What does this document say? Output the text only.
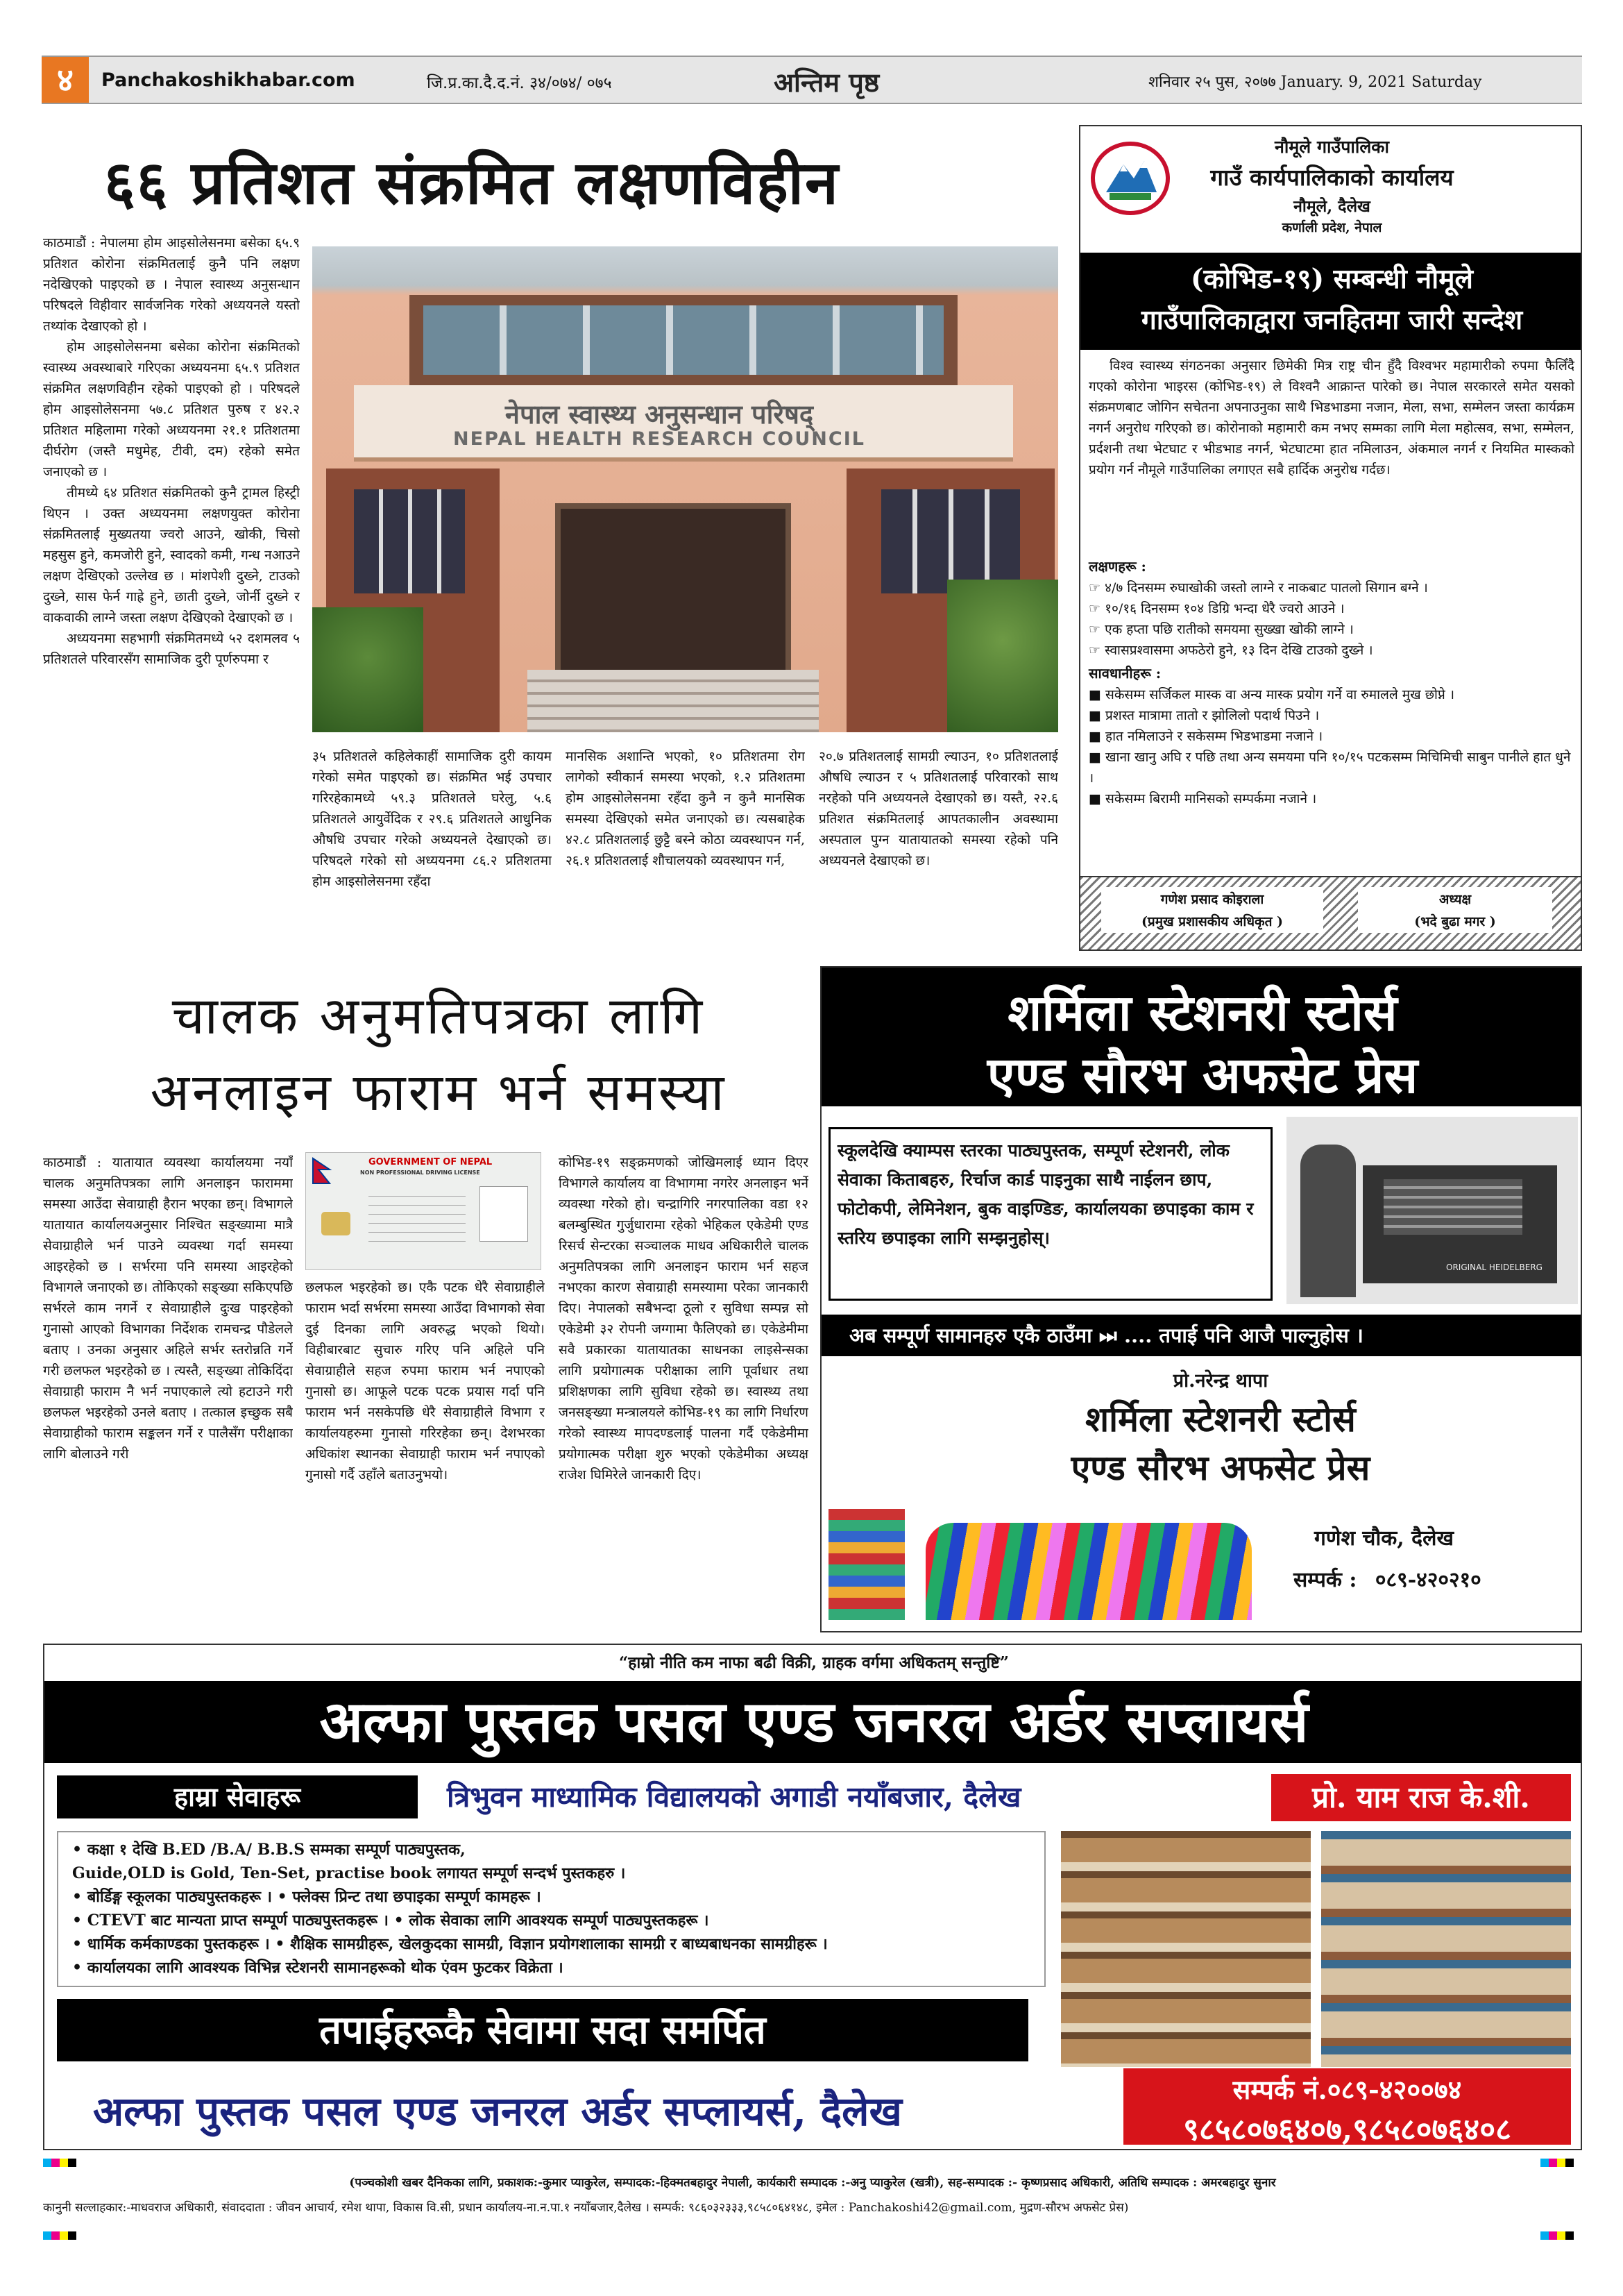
४	Panchakoshikhabar.com	जि.प्र.का.दै.द.नं. ३४/०७४/ ०७५	अन्तिम पृष्ठ	शनिवार २५ पुस, २०७७ January. 9, 2021 Saturday
६६ प्रतिशत संक्रमित लक्षणविहीन

काठमाडौं : नेपालमा होम आइसोलेसनमा बसेका ६५.९ प्रतिशत कोरोना संक्रमितलाई कुनै पनि लक्षण नदेखिएको पाइएको छ । नेपाल स्वास्थ्य अनुसन्धान परिषदले विहीवार सार्वजनिक गरेको अध्ययनले यस्तो तथ्यांक देखाएको हो ।

होम आइसोलेसनमा बसेका कोरोना संक्रमितको स्वास्थ्य अवस्थाबारे गरिएका अध्ययनमा ६५.९ प्रतिशत संक्रमित लक्षणविहीन रहेको पाइएको हो । परिषदले होम आइसोलेसनमा ५७.८ प्रतिशत पुरुष र ४२.२ प्रतिशत महिलामा गरेको अध्ययनमा २१.१ प्रतिशतमा दीर्घरोग (जस्तै मधुमेह, टीवी, दम) रहेको समेत जनाएको छ ।

तीमध्ये ६४ प्रतिशत संक्रमितको कुनै ट्रामल हिस्ट्री थिएन । उक्त अध्ययनमा लक्षणयुक्त कोरोना संक्रमितलाई मुख्यतया ज्वरो आउने, खोकी, चिसो महसुस हुने, कमजोरी हुने, स्वादको कमी, गन्ध नआउने लक्षण देखिएको उल्लेख छ । मांशपेशी दुख्ने, टाउको दुख्ने, सास फेर्न गाह्रे हुने, छाती दुख्ने, जोर्नी दुख्ने र वाकवाकी लाग्ने जस्ता लक्षण देखिएको देखाएको छ ।

अध्ययनमा सहभागी संक्रमितमध्ये ५२ दशमलव ५ प्रतिशतले परिवारसँग सामाजिक दुरी पूर्णरुपमा र

नेपाल स्वास्थ्य अनुसन्धान परिषद्
NEPAL HEALTH RESEARCH COUNCIL

३५ प्रतिशतले कहिलेकाहीं सामाजिक दुरी कायम गरेको समेत पाइएको छ। संक्रमित भई उपचार गरिरहेकामध्ये ५९.३ प्रतिशतले घरेलु, ५.६ प्रतिशतले आयुर्वेदिक र २९.६ प्रतिशतले आधुनिक औषधि उपचार गरेको अध्ययनले देखाएको छ। परिषदले गरेको सो अध्ययनमा ८६.२ प्रतिशतमा होम आइसोलेसनमा रहँदा

मानसिक अशान्ति भएको, १० प्रतिशतमा रोग लागेको स्वीकार्न समस्या भएको, १.२ प्रतिशतमा होम आइसोलेसनमा रहँदा कुनै न कुनै मानसिक समस्या देखिएको समेत जनाएको छ। त्यसबाहेक ४२.८ प्रतिशतलाई छुट्टै बस्ने कोठा व्यवस्थापन गर्न, २६.१ प्रतिशतलाई शौचालयको व्यवस्थापन गर्न,

२०.७ प्रतिशतलाई सामग्री ल्याउन, १० प्रतिशतलाई औषधि ल्याउन र ५ प्रतिशतलाई परिवारको साथ नरहेको पनि अध्ययनले देखाएको छ। यस्तै, २२.६ प्रतिशत संक्रमितलाई आपतकालीन अवस्थामा अस्पताल पुग्न यातायातको समस्या रहेको पनि अध्ययनले देखाएको छ।

नौमूले गाउँपालिका
गाउँ कार्यपालिकाको कार्यालय
नौमूले, दैलेख
कर्णाली प्रदेश, नेपाल
(कोभिड-१९) सम्बन्धी नौमूले
गाउँपालिकाद्वारा जनहितमा जारी सन्देश
विश्व स्वास्थ्य संगठनका अनुसार छिमेकी मित्र राष्ट्र चीन हुँदै विश्वभर महामारीको रुपमा फैलिँदै गएको कोरोना भाइरस (कोभिड-१९) ले विश्वनै आक्रान्त पारेको छ। नेपाल सरकारले समेत यसको संक्रमणबाट जोगिन सचेतना अपनाउनुका साथै भिडभाडमा नजान, मेला, सभा, सम्मेलन जस्ता कार्यक्रम नगर्न अनुरोध गरिएको छ। कोरोनाको महामारी कम नभए सम्मका लागि मेला महोत्सव, सभा, सम्मेलन, प्रर्दशनी तथा भेटघाट र भीडभाड नगर्न, भेटघाटमा हात नमिलाउन, अंकमाल नगर्न र नियमित मास्कको प्रयोग गर्न नौमूले गाउँपालिका लगाएत सबै हार्दिक अनुरोध गर्दछ।
लक्षणहरू :
☞ ४/७ दिनसम्म रुघाखोकी जस्तो लाग्ने र नाकबाट पातलो सिगान बग्ने ।
☞ १०/१६ दिनसम्म १०४ डिग्रि भन्दा धेरै ज्वरो आउने ।
☞ एक हप्ता पछि रातीको समयमा सुख्खा खोकी लाग्ने ।
☞ स्वासप्रश्वासमा अफठेरो हुने, १३ दिन देखि टाउको दुख्ने ।
सावधानीहरू :
■ सकेसम्म सर्जिकल मास्क वा अन्य मास्क प्रयोग गर्ने वा रुमालले मुख छोप्ने ।
■ प्रशस्त मात्रामा तातो र झोलिलो पदार्थ पिउने ।
■ हात नमिलाउने र सकेसम्म भिडभाडमा नजाने ।
■ खाना खानु अघि र पछि तथा अन्य समयमा पनि १०/१५ पटकसम्म मिचिमिची साबुन पानीले हात धुने ।
■ सकेसम्म बिरामी मानिसको सम्पर्कमा नजाने ।
गणेश प्रसाद कोइराला
(प्रमुख प्रशासकीय अधिकृत )
अध्यक्ष
(भदे बुढा मगर )
चालक अनुमतिपत्रका लागि
अनलाइन फाराम भर्न समस्या

काठमाडौं : यातायात व्यवस्था कार्यालयमा नयाँ चालक अनुमतिपत्रका लागि अनलाइन फाराममा समस्या आउँदा सेवाग्राही हैरान भएका छन्। विभागले यातायात कार्यालयअनुसार निश्चित सङ्ख्यामा मात्रै सेवाग्राहीले भर्न पाउने व्यवस्था गर्दा समस्या आइरहेको छ । सर्भरमा पनि समस्या आइरहेको विभागले जनाएको छ। तोकिएको सङ्ख्या सकिएपछि सर्भरले काम नगर्ने र सेवाग्राहीले दुःख पाइरहेको गुनासो आएको विभागका निर्देशक रामचन्द्र पौडेलले बताए । उनका अनुसार अहिले सर्भर स्तरोन्नति गर्ने गरी छलफल भइरहेको छ । त्यस्तै, सङ्ख्या तोकिदिंदा सेवाग्राही फाराम नै भर्न नपाएकाले त्यो हटाउने गरी छलफल भइरहेको उनले बताए । तत्काल इच्छुक सबै सेवाग्राहीको फाराम सङ्कलन गर्ने र पालैसँग परीक्षाका लागि बोलाउने गरी

GOVERNMENT OF NEPAL
NON PROFESSIONAL DRIVING LICENSE

छलफल भइरहेको छ। एकै पटक धेरै सेवाग्राहीले फाराम भर्दा सर्भरमा समस्या आउँदा विभागको सेवा दुई दिनका लागि अवरुद्ध भएको थियो। विहीबारबाट सुचारु गरिए पनि अहिले पनि सेवाग्राहीले सहज रुपमा फाराम भर्न नपाएको गुनासो छ। आफूले पटक पटक प्रयास गर्दा पनि फाराम भर्न नसकेपछि धेरै सेवाग्राहीले विभाग र कार्यालयहरुमा गुनासो गरिरहेका छन्। देशभरका अधिकांश स्थानका सेवाग्राही फाराम भर्न नपाएको गुनासो गर्दै उहाँले बताउनुभयो।

कोभिड-१९ सङ्क्रमणको जोखिमलाई ध्यान दिएर विभागले कार्यालय वा विभागमा नगरेर अनलाइन भर्ने व्यवस्था गरेको हो। चन्द्रागिरि नगरपालिका वडा १२ बलम्बुस्थित गुर्जुधारामा रहेको भेहिकल एकेडेमी एण्ड रिसर्च सेन्टरका सञ्चालक माधव अधिकारीले चालक अनुमतिपत्रका लागि अनलाइन फाराम भर्न सहज नभएका कारण सेवाग्राही समस्यामा परेका जानकारी दिए। नेपालको सबैभन्दा ठूलो र सुविधा सम्पन्न सो एकेडेमी ३२ रोपनी जग्गामा फैलिएको छ। एकेडेमीमा सवै प्रकारका यातायातका साधनका लाइसेन्सका लागि प्रयोगात्मक परीक्षाका लागि पूर्वाधार तथा प्रशिक्षणका लागि सुविधा रहेको छ। स्वास्थ्य तथा जनसङ्ख्या मन्त्रालयले कोभिड-१९ का लागि निर्धारण गरेको स्वास्थ्य मापदण्डलाई पालना गर्दै एकेडेमीमा प्रयोगात्मक परीक्षा शुरु भएको एकेडेमीका अध्यक्ष राजेश घिमिरेले जानकारी दिए।

शर्मिला स्टेशनरी स्टोर्स
एण्ड सौरभ अफसेट प्रेस
स्कूलदेखि क्याम्पस स्तरका पाठ्यपुस्तक, सम्पूर्ण स्टेशनरी, लोक सेवाका किताबहरु, रिर्चाज कार्ड पाइनुका साथै नाईलन छाप, फोटोकपी, लेमिनेशन, बुक वाइण्डिङ, कार्यालयका छपाइका काम र स्तरिय छपाइका लागि सम्झनुहोस्।
ORIGINAL HEIDELBERG
अब सम्पूर्ण सामानहरु एकै ठाउँमा ⏭ .... तपाई पनि आजै पाल्नुहोस ।
प्रो.नरेन्द्र थापा
शर्मिला स्टेशनरी स्टोर्स
एण्ड सौरभ अफसेट प्रेस
गणेश चौक, दैलेख
सम्पर्क : ०८९-४२०२१०
“हाम्रो नीति कम नाफा बढी विक्री, ग्राहक वर्गमा अधिकतम् सन्तुष्टि”
अल्फा पुस्तक पसल एण्ड जनरल अर्डर सप्लायर्स
हाम्रा सेवाहरू	त्रिभुवन माध्यामिक विद्यालयको अगाडी नयाँबजार, दैलेख	प्रो. याम राज के.शी.
• कक्षा १ देखि B.ED /B.A/ B.B.S सम्मका सम्पूर्ण पाठ्यपुस्तक,
Guide,OLD is Gold, Ten-Set, practise book लगायत सम्पूर्ण सन्दर्भ पुस्तकहरु ।
• बोर्डिङ्ग स्कूलका पाठ्यपुस्तकहरू । • फ्लेक्स प्रिन्ट तथा छपाइका सम्पूर्ण कामहरू ।
• CTEVT बाट मान्यता प्राप्त सम्पूर्ण पाठ्यपुस्तकहरू । • लोक सेवाका लागि आवश्यक सम्पूर्ण पाठ्यपुस्तकहरू ।
• धार्मिक कर्मकाण्डका पुस्तकहरू । • शैक्षिक सामग्रीहरू, खेलकुदका सामग्री, विज्ञान प्रयोगशालाका सामग्री र बाध्यबाधनका सामग्रीहरू ।
• कार्यालयका लागि आवश्यक विभिन्न स्टेशनरी सामानहरूको थोक एंवम फुटकर विक्रेता ।
तपाईहरूकै सेवामा सदा समर्पित
अल्फा पुस्तक पसल एण्ड जनरल अर्डर सप्लायर्स, दैलेख	सम्पर्क नं.०८९-४२००७४
९८५८०७६४०७,९८५८०७६४०८
(पञ्चकोशी खबर दैनिकका लागि, प्रकाशक:-कुमार प्याकुरेल, सम्पादक:-हिक्मतबहादुर नेपाली, कार्यकारी सम्पादक :-अनु प्याकुरेल (खत्री), सह-सम्पादक :- कृष्णप्रसाद अधिकारी, अतिथि सम्पादक : अमरबहादुर सुनार
कानुनी सल्लाहकार:-माधवराज अधिकारी, संवाददाता : जीवन आचार्य, रमेश थापा, विकास वि.सी, प्रधान कार्यालय-ना.न.पा.१ नयाँबजार,दैलेख । सम्पर्क: ९८६०३२३३३,९८५८०६४१४८, इमेल : Panchakoshi42@gmail.com, मुद्रण-सौरभ अफसेट प्रेस)
